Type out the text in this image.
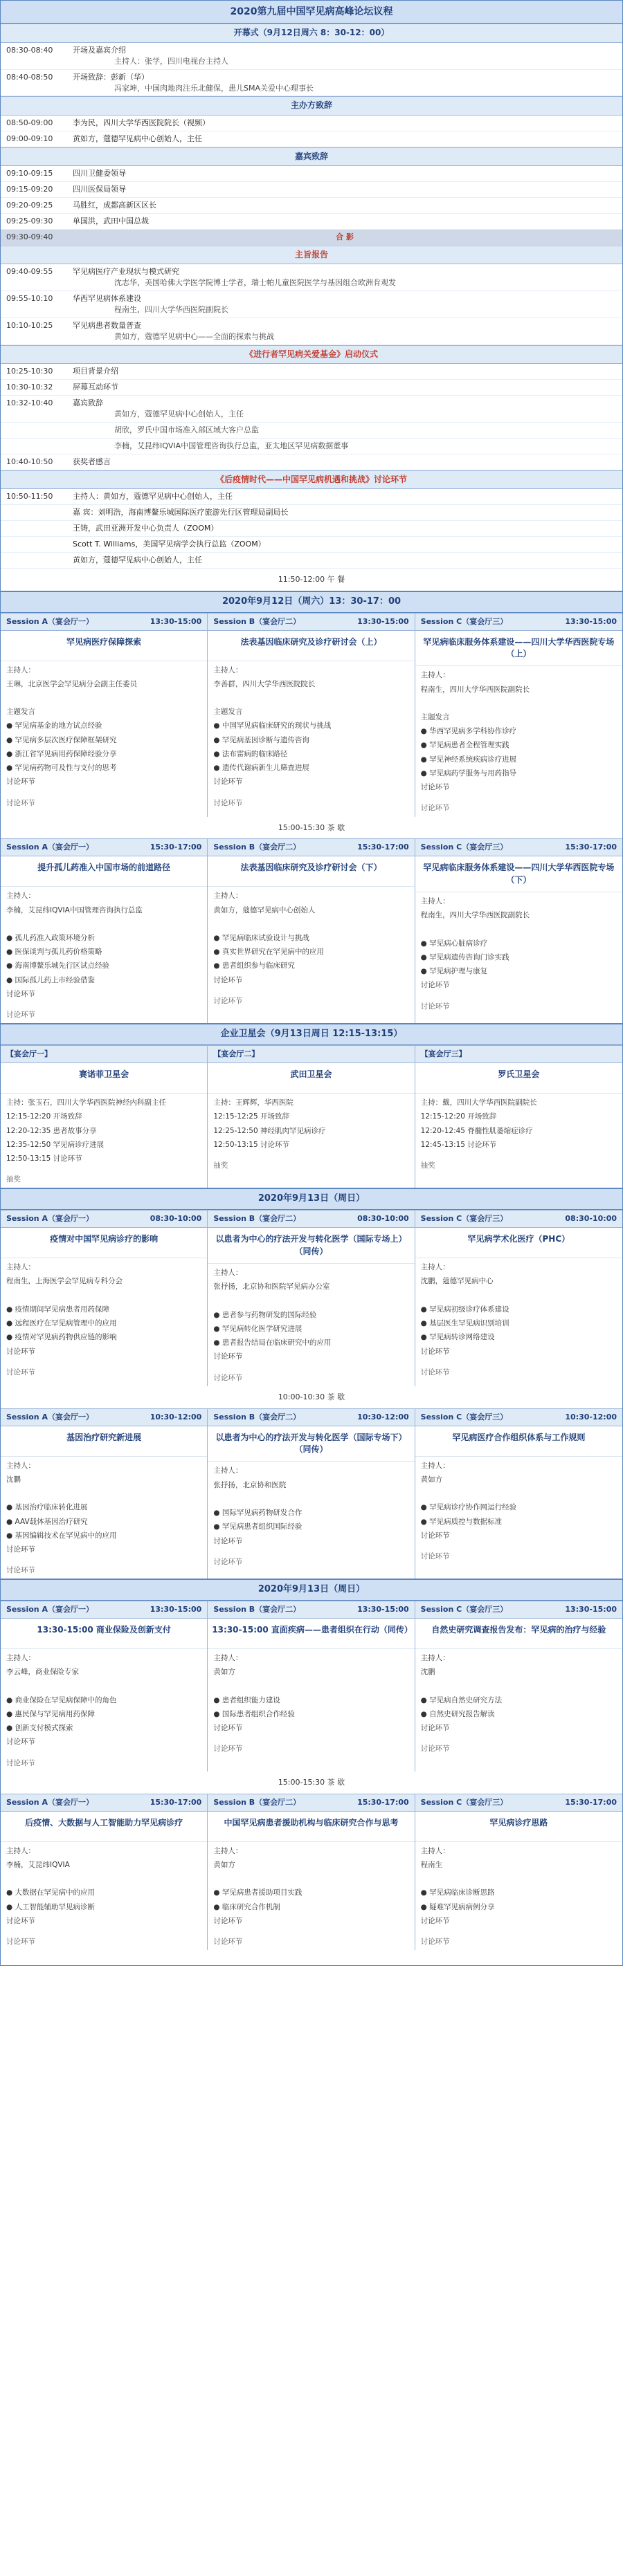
2020第九届中国罕见病高峰论坛议程
开幕式（9月12日周六 8：30-12：00）
08:30-08:40	开场及嘉宾介绍
主持人：张学，四川电视台主持人
08:40-08:50	开场致辞：彭新（华）
冯家坤，中国肉地肉注乐北健保，患儿SMA关爱中心理事长
主办方致辞
08:50-09:00	李为民，四川大学华西医院院长（视频）
09:00-09:10	黄如方，蔻德罕见病中心创始人，主任
嘉宾致辞
09:10-09:15	四川卫健委领导
09:15-09:20	四川医保局领导
09:20-09:25	马胜红，成都高新区区长
09:25-09:30	单国洪，武田中国总裁
09:30-09:40	合 影
主旨报告
09:40-09:55	罕见病医疗产业现状与模式研究
沈志华，美国哈佛大学医学院博士学者，瑞士帕儿童医院医学与基因组合欧洲肯观发
09:55-10:10	华西罕见病体系建设
程南生，四川大学华西医院副院长
10:10-10:25	罕见病患者数量普查
黄如方，蔻德罕见病中心——全面的探索与挑战
《进行者罕见病关爱基金》启动仪式
10:25-10:30	项目背景介绍
10:30-10:32	屏幕互动环节
10:32-10:40	嘉宾致辞
黄如方，蔻德罕见病中心创始人，主任
胡欣，罗氏中国市场准入部区域大客户总监
李楠，艾昆纬IQVIA中国管理咨询执行总监，亚太地区罕见病数据董事
10:40-10:50	获奖者感言
《后疫情时代——中国罕见病机遇和挑战》讨论环节
10:50-11:50	主持人：黄如方，蔻德罕见病中心创始人，主任
嘉 宾：刘明浩，海南博鳌乐城国际医疗旅游先行区管理局副局长
王铸，武田亚洲开发中心负责人（ZOOM）
Scott T. Williams，美国罕见病学会执行总监（ZOOM）
黄如方，蔻德罕见病中心创始人，主任
11:50-12:00 午 餐
2020年9月12日（周六）13：30-17：00
Session A（宴会厅一）	13:30-15:00
罕见病医疗保障探索
主持人：
王琳，北京医学会罕见病分会副主任委员

主题发言
● 罕见病基金的地方试点经验
● 罕见病多层次医疗保障框架研究
● 浙江省罕见病用药保障经验分享
● 罕见病药物可及性与支付的思考
讨论环节
讨论环节
Session B（宴会厅二）	13:30-15:00
法表基因临床研究及诊疗研讨会（上）
主持人：
李善群，四川大学华西医院院长

主题发言
● 中国罕见病临床研究的现状与挑战
● 罕见病基因诊断与遗传咨询
● 法布雷病的临床路径
● 遗传代谢病新生儿筛查进展
讨论环节
讨论环节
Session C（宴会厅三）	13:30-15:00
罕见病临床服务体系建设——四川大学华西医院专场（上）
主持人：
程南生，四川大学华西医院副院长

主题发言
● 华西罕见病多学科协作诊疗
● 罕见病患者全程管理实践
● 罕见神经系统疾病诊疗进展
● 罕见病药学服务与用药指导
讨论环节
讨论环节
15:00-15:30 茶 歇
Session A（宴会厅一）	15:30-17:00
提升孤儿药准入中国市场的前道路径
主持人：
李楠，艾昆纬IQVIA中国管理咨询执行总监

● 孤儿药准入政策环境分析
● 医保谈判与孤儿药价格策略
● 海南博鳌乐城先行区试点经验
● 国际孤儿药上市经验借鉴
讨论环节
讨论环节
Session B（宴会厅二）	15:30-17:00
法表基因临床研究及诊疗研讨会（下）
主持人：
黄如方，蔻德罕见病中心创始人

● 罕见病临床试验设计与挑战
● 真实世界研究在罕见病中的应用
● 患者组织参与临床研究
讨论环节
讨论环节
Session C（宴会厅三）	15:30-17:00
罕见病临床服务体系建设——四川大学华西医院专场（下）
主持人：
程南生，四川大学华西医院副院长

● 罕见病心脏病诊疗
● 罕见病遗传咨询门诊实践
● 罕见病护理与康复
讨论环节
讨论环节
企业卫星会（9月13日周日 12:15-13:15）
【宴会厅一】
赛诺菲卫星会
主持：张玉石，四川大学华西医院神经内科副主任
12:15-12:20 开场致辞
12:20-12:35 患者故事分享
12:35-12:50 罕见病诊疗进展
12:50-13:15 讨论环节
抽奖
【宴会厅二】
武田卫星会
主持：王辉辉，华西医院
12:15-12:25 开场致辞
12:25-12:50 神经肌肉罕见病诊疗
12:50-13:15 讨论环节
抽奖
【宴会厅三】
罗氏卫星会
主持：戴，四川大学华西医院副院长
12:15-12:20 开场致辞
12:20-12:45 脊髓性肌萎缩症诊疗
12:45-13:15 讨论环节
抽奖
2020年9月13日（周日）
Session A（宴会厅一）	08:30-10:00
疫情对中国罕见病诊疗的影响
主持人：
程南生，上海医学会罕见病专科分会

● 疫情期间罕见病患者用药保障
● 远程医疗在罕见病管理中的应用
● 疫情对罕见病药物供应链的影响
讨论环节
讨论环节
Session B（宴会厅二）	08:30-10:00
以患者为中心的疗法开发与转化医学（国际专场上）（同传）
主持人：
张抒扬，北京协和医院罕见病办公室

● 患者参与药物研发的国际经验
● 罕见病转化医学研究进展
● 患者报告结局在临床研究中的应用
讨论环节
讨论环节
Session C（宴会厅三）	08:30-10:00
罕见病学术化医疗（PHC）
主持人：
沈鹏，蔻德罕见病中心

● 罕见病初级诊疗体系建设
● 基层医生罕见病识别培训
● 罕见病转诊网络建设
讨论环节
讨论环节
10:00-10:30 茶 歇
Session A（宴会厅一）	10:30-12:00
基因治疗研究新进展
主持人：
沈鹏

● 基因治疗临床转化进展
● AAV载体基因治疗研究
● 基因编辑技术在罕见病中的应用
讨论环节
讨论环节
Session B（宴会厅二）	10:30-12:00
以患者为中心的疗法开发与转化医学（国际专场下）（同传）
主持人：
张抒扬，北京协和医院

● 国际罕见病药物研发合作
● 罕见病患者组织国际经验
讨论环节
讨论环节
Session C（宴会厅三）	10:30-12:00
罕见病医疗合作组织体系与工作规则
主持人：
黄如方

● 罕见病诊疗协作网运行经验
● 罕见病质控与数据标准
讨论环节
讨论环节
2020年9月13日（周日）
Session A（宴会厅一）	13:30-15:00
13:30-15:00 商业保险及创新支付
主持人：
李云峰，商业保险专家

● 商业保险在罕见病保障中的角色
● 惠民保与罕见病用药保障
● 创新支付模式探索
讨论环节
讨论环节
Session B（宴会厅二）	13:30-15:00
13:30-15:00 直面疾病——患者组织在行动（同传）
主持人：
黄如方

● 患者组织能力建设
● 国际患者组织合作经验
讨论环节
讨论环节
Session C（宴会厅三）	13:30-15:00
自然史研究调查报告发布：罕见病的治疗与经验
主持人：
沈鹏

● 罕见病自然史研究方法
● 自然史研究报告解读
讨论环节
讨论环节
15:00-15:30 茶 歇
Session A（宴会厅一）	15:30-17:00
后疫情、大数据与人工智能助力罕见病诊疗
主持人：
李楠，艾昆纬IQVIA

● 大数据在罕见病中的应用
● 人工智能辅助罕见病诊断
讨论环节
讨论环节
Session B（宴会厅二）	15:30-17:00
中国罕见病患者援助机构与临床研究合作与思考
主持人：
黄如方

● 罕见病患者援助项目实践
● 临床研究合作机制
讨论环节
讨论环节
Session C（宴会厅三）	15:30-17:00
罕见病诊疗思路
主持人：
程南生

● 罕见病临床诊断思路
● 疑难罕见病病例分享
讨论环节
讨论环节
